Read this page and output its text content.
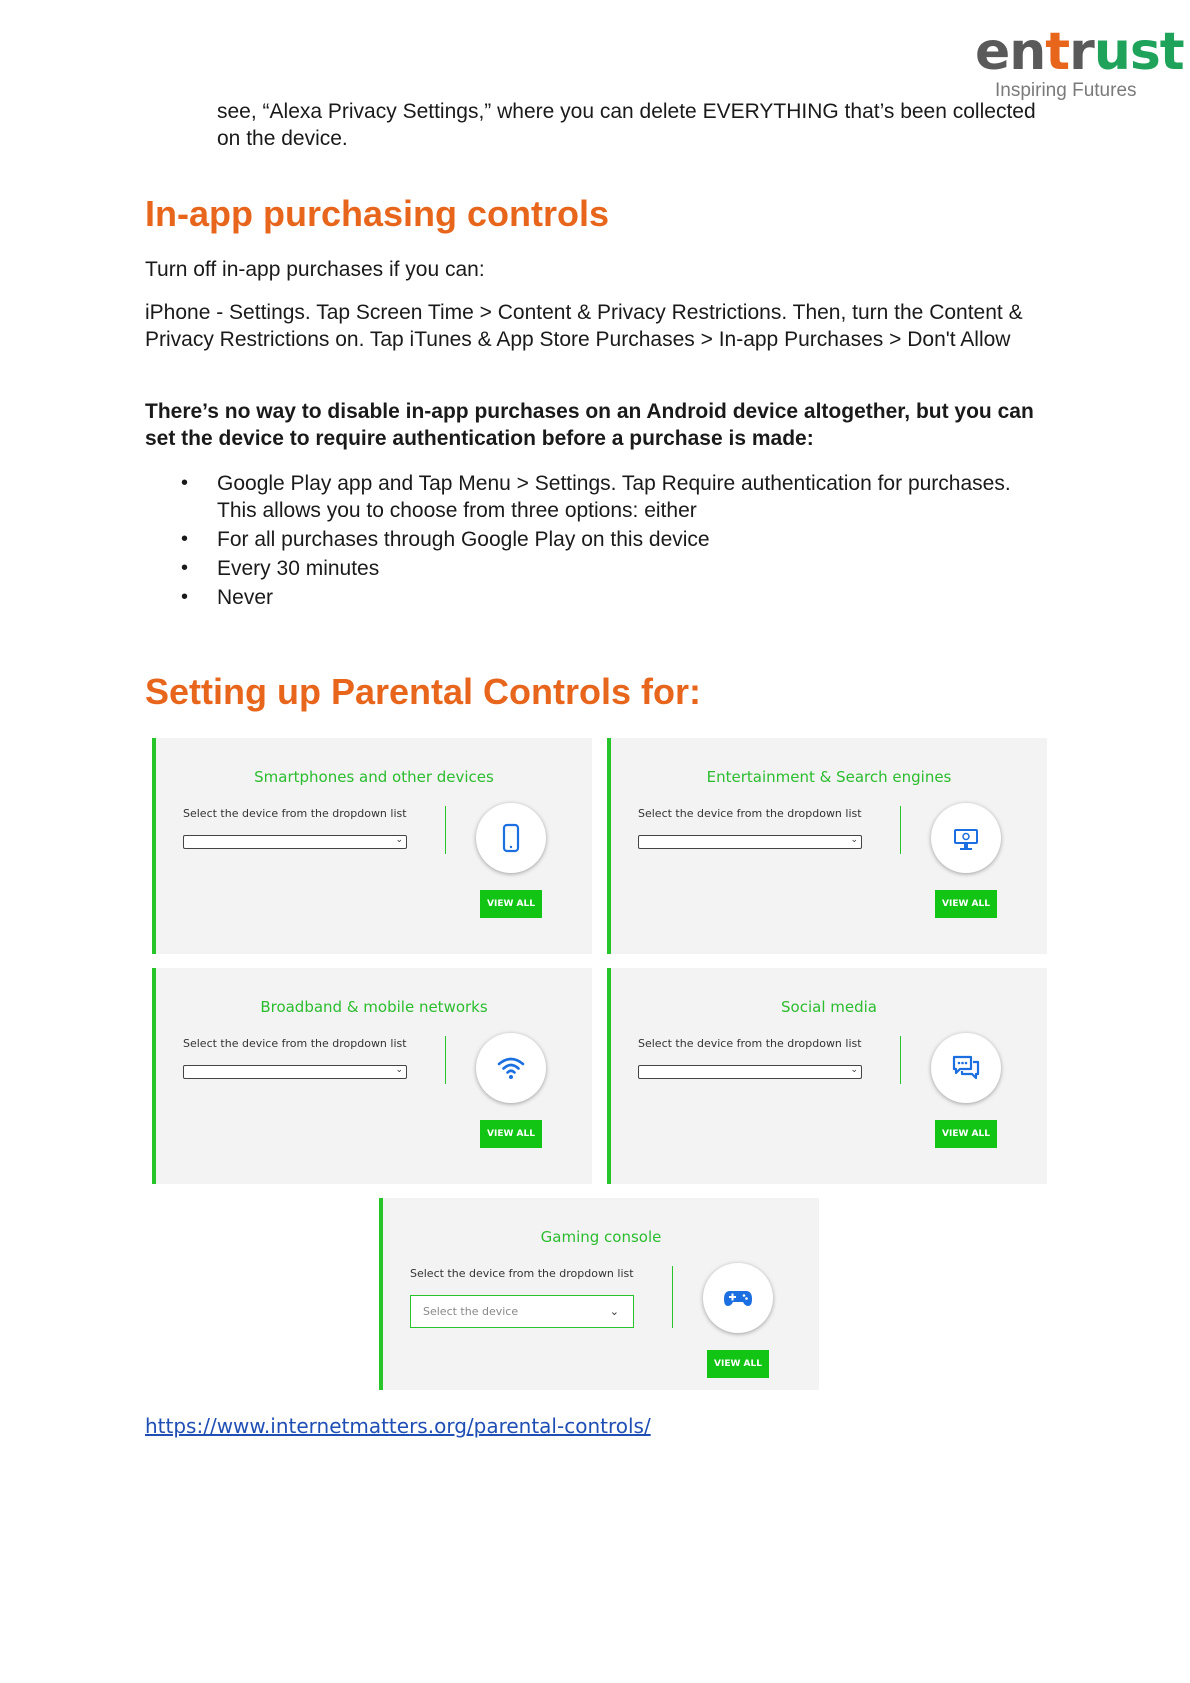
entrust
Inspiring Futures

see, “Alexa Privacy Settings,” where you can delete EVERYTHING that’s been collected on the device.

In-app purchasing controls

Turn off in-app purchases if you can:

iPhone - Settings. Tap Screen Time > Content & Privacy Restrictions. Then, turn the Content & Privacy Restrictions on. Tap iTunes & App Store Purchases > In-app Purchases > Don't Allow

There’s no way to disable in-app purchases on an Android device altogether, but you can set the device to require authentication before a purchase is made:

• Google Play app and Tap Menu > Settings. Tap Require authentication for purchases. This allows you to choose from three options: either
• For all purchases through Google Play on this device
• Every 30 minutes
• Never
Setting up Parental Controls for:
Smartphones and other devices
Select the device from the dropdown list
⌄
VIEW ALL
Entertainment & Search engines
Select the device from the dropdown list
⌄
VIEW ALL
Broadband & mobile networks
Select the device from the dropdown list
⌄
VIEW ALL
Social media
Select the device from the dropdown list
⌄
VIEW ALL
Gaming console
Select the device from the dropdown list
Select the device	⌄
VIEW ALL
https://www.internetmatters.org/parental-controls/
